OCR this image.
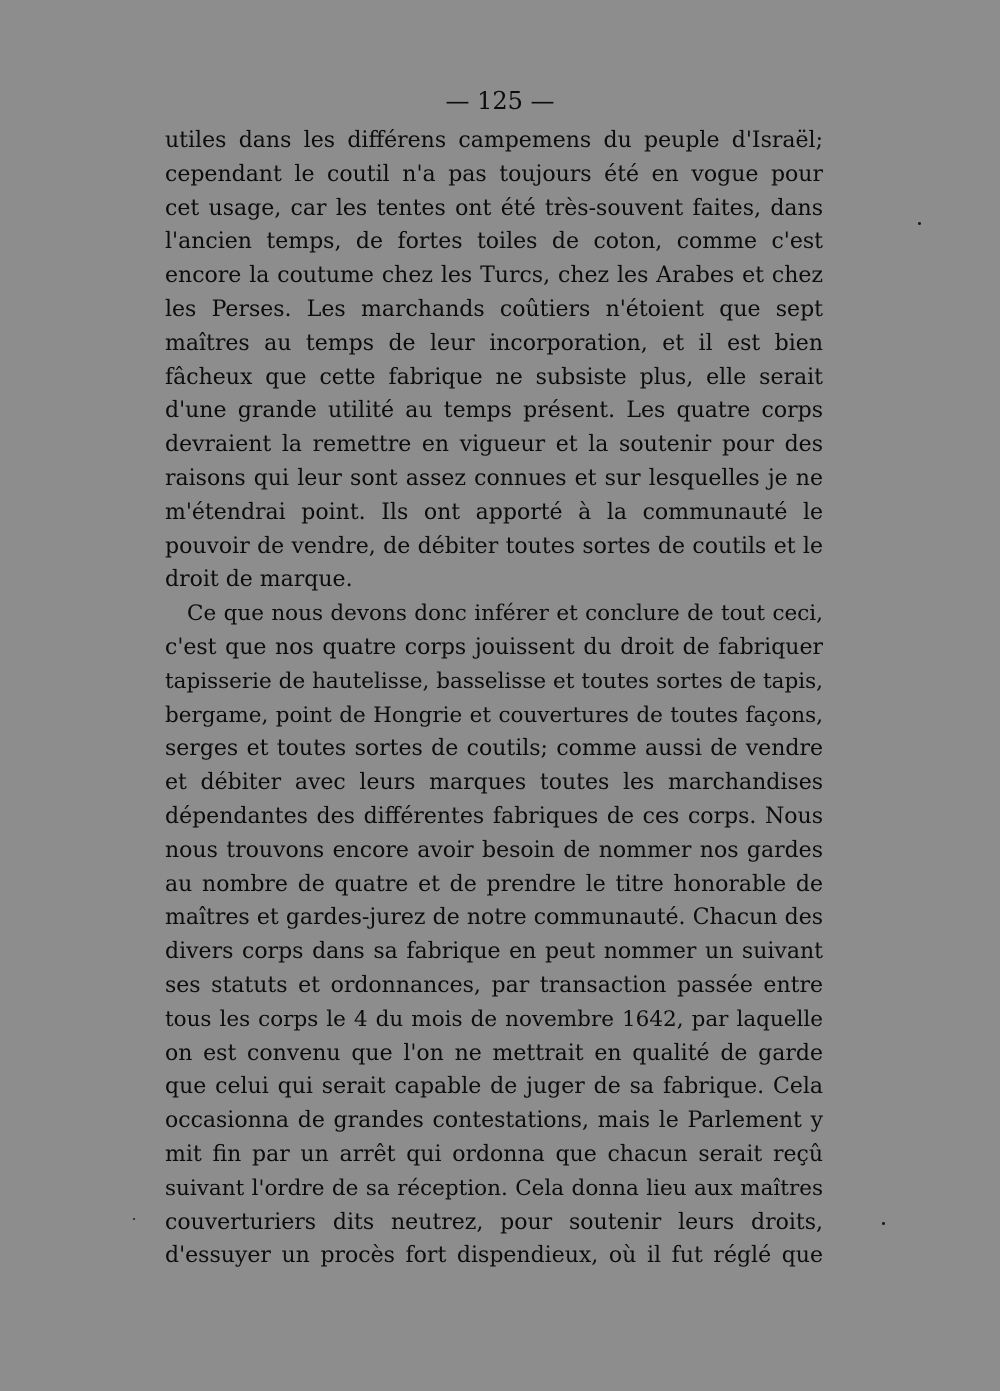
— 125 —
utiles dans les différens campemens du peuple d'Israël;
cependant le coutil n'a pas toujours été en vogue pour
cet usage, car les tentes ont été très-souvent faites, dans
l'ancien temps, de fortes toiles de coton, comme c'est
encore la coutume chez les Turcs, chez les Arabes et chez
les Perses. Les marchands coûtiers n'étoient que sept
maîtres au temps de leur incorporation, et il est bien
fâcheux que cette fabrique ne subsiste plus, elle serait
d'une grande utilité au temps présent. Les quatre corps
devraient la remettre en vigueur et la soutenir pour des
raisons qui leur sont assez connues et sur lesquelles je ne
m'étendrai point. Ils ont apporté à la communauté le
pouvoir de vendre, de débiter toutes sortes de coutils et le
droit de marque.
Ce que nous devons donc inférer et conclure de tout ceci,
c'est que nos quatre corps jouissent du droit de fabriquer
tapisserie de hautelisse, basselisse et toutes sortes de tapis,
bergame, point de Hongrie et couvertures de toutes façons,
serges et toutes sortes de coutils; comme aussi de vendre
et débiter avec leurs marques toutes les marchandises
dépendantes des différentes fabriques de ces corps. Nous
nous trouvons encore avoir besoin de nommer nos gardes
au nombre de quatre et de prendre le titre honorable de
maîtres et gardes-jurez de notre communauté. Chacun des
divers corps dans sa fabrique en peut nommer un suivant
ses statuts et ordonnances, par transaction passée entre
tous les corps le 4 du mois de novembre 1642, par laquelle
on est convenu que l'on ne mettrait en qualité de garde
que celui qui serait capable de juger de sa fabrique. Cela
occasionna de grandes contestations, mais le Parlement y
mit fin par un arrêt qui ordonna que chacun serait reçû
suivant l'ordre de sa réception. Cela donna lieu aux maîtres
couverturiers dits neutrez, pour soutenir leurs droits,
d'essuyer un procès fort dispendieux, où il fut réglé que
